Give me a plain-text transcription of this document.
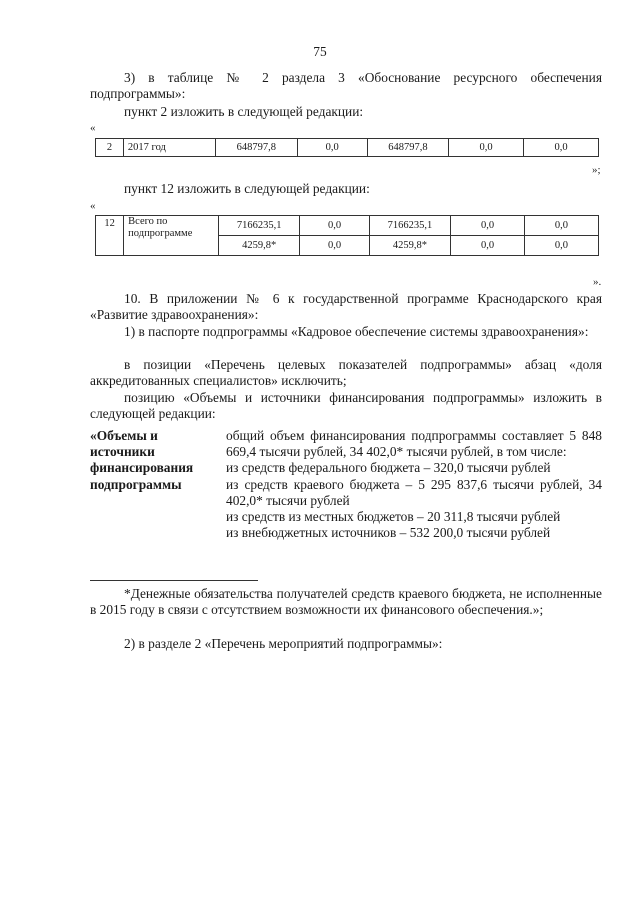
75
3) в таблице № 2 раздела 3 «Обоснование ресурсного обеспечения подпрограммы»:
пункт 2 изложить в следующей редакции:
«
2	2017 год	648797,8	0,0	648797,8	0,0	0,0
»;
пункт 12 изложить в следующей редакции:
«
12	Всего по подпрограмме	7166235,1	0,0	7166235,1	0,0	0,0
		4259,8*	0,0	4259,8*	0,0	0,0
».
10. В приложении № 6 к государственной программе Краснодарского края «Развитие здравоохранения»:
1) в паспорте подпрограммы «Кадровое обеспечение системы здравоохранения»:
в позиции «Перечень целевых показателей подпрограммы» абзац «доля аккредитованных специалистов» исключить;
позицию «Объемы и источники финансирования подпрограммы» изложить в следующей редакции:
«Объемы и источники финансирования подпрограммы
общий объем финансирования подпрограммы составляет 5 848 669,4 тысячи рублей, 34 402,0* тысячи рублей, в том числе:
из средств федерального бюджета – 320,0 тысячи рублей
из средств краевого бюджета – 5 295 837,6 тысячи рублей, 34 402,0* тысячи рублей
из средств из местных бюджетов – 20 311,8 тысячи рублей
из внебюджетных источников – 532 200,0 тысячи рублей
*Денежные обязательства получателей средств краевого бюджета, не исполненные в 2015 году в связи с отсутствием возможности их финансового обеспечения.»;
2) в разделе 2 «Перечень мероприятий подпрограммы»:
